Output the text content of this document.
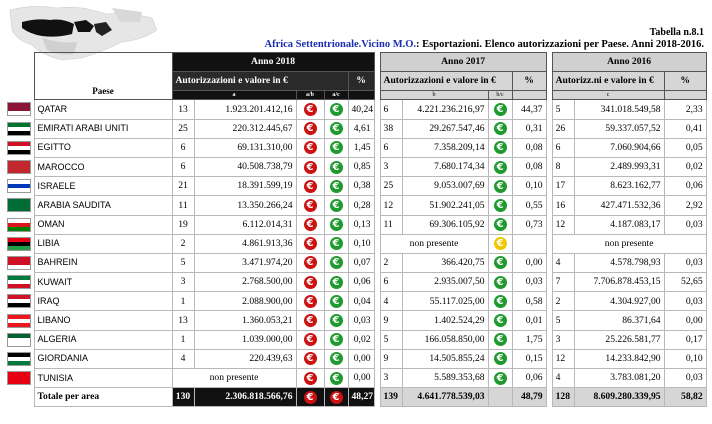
Tabella n.8.1
Africa Settentrionale.Vicino M.O.: Esportazioni. Elenco autorizzazioni per Paese. Anni 2018-2016.
	Paese	Anno 2018						Anno 2017					Anno 2016		
		Autorizzazioni e valore in €				%		Autorizzazioni e valore in €			%		Autorizz.ni e valore in €		%
		a		a/b	a/c			b		b/c			c		
	QATAR	13	1.923.201.412,16	€	€	40,24		6	4.221.236.216,97	€	44,37		5	341.018.549,58	2,33
	EMIRATI ARABI UNITI	25	220.312.445,67	€	€	4,61		38	29.267.547,46	€	0,31		26	59.337.057,52	0,41
	EGITTO	6	69.131.310,00	€	€	1,45		6	7.358.209,14	€	0,08		6	7.060.904,66	0,05
	MAROCCO	6	40.508.738,79	€	€	0,85		3	7.680.174,34	€	0,08		8	2.489.993,31	0,02
	ISRAELE	21	18.391.599,19	€	€	0,38		25	9.053.007,69	€	0,10		17	8.623.162,77	0,06
	ARABIA SAUDITA	11	13.350.266,24	€	€	0,28		12	51.902.241,05	€	0,55		16	427.471.532,36	2,92
	OMAN	19	6.112.014,31	€	€	0,13		11	69.306.105,92	€	0,73		12	4.187.083,17	0,03
	LIBIA	2	4.861.913,36	€	€	0,10		non presente		€			non presente		
	BAHREIN	5	3.471.974,20	€	€	0,07		2	366.420,75	€	0,00		4	4.578.798,93	0,03
	KUWAIT	3	2.768.500,00	€	€	0,06		6	2.935.007,50	€	0,03		7	7.706.878.453,15	52,65
	IRAQ	1	2.088.900,00	€	€	0,04		4	55.117.025,00	€	0,58		2	4.304.927,00	0,03
	LIBANO	13	1.360.053,21	€	€	0,03		9	1.402.524,29	€	0,01		5	86.371,64	0,00
	ALGERIA	1	1.039.000,00	€	€	0,02		5	166.058.850,00	€	1,75		3	25.226.581,77	0,17
	GIORDANIA	4	220.439,63	€	€	0,00		9	14.505.855,24	€	0,15		12	14.233.842,90	0,10
	TUNISIA	non presente		€	€	0,00		3	5.589.353,68	€	0,06		4	3.783.081,20	0,03
	Totale per area	130	2.306.818.566,76	€	€	48,27		139	4.641.778.539,03		48,79		128	8.609.280.339,95	58,82
